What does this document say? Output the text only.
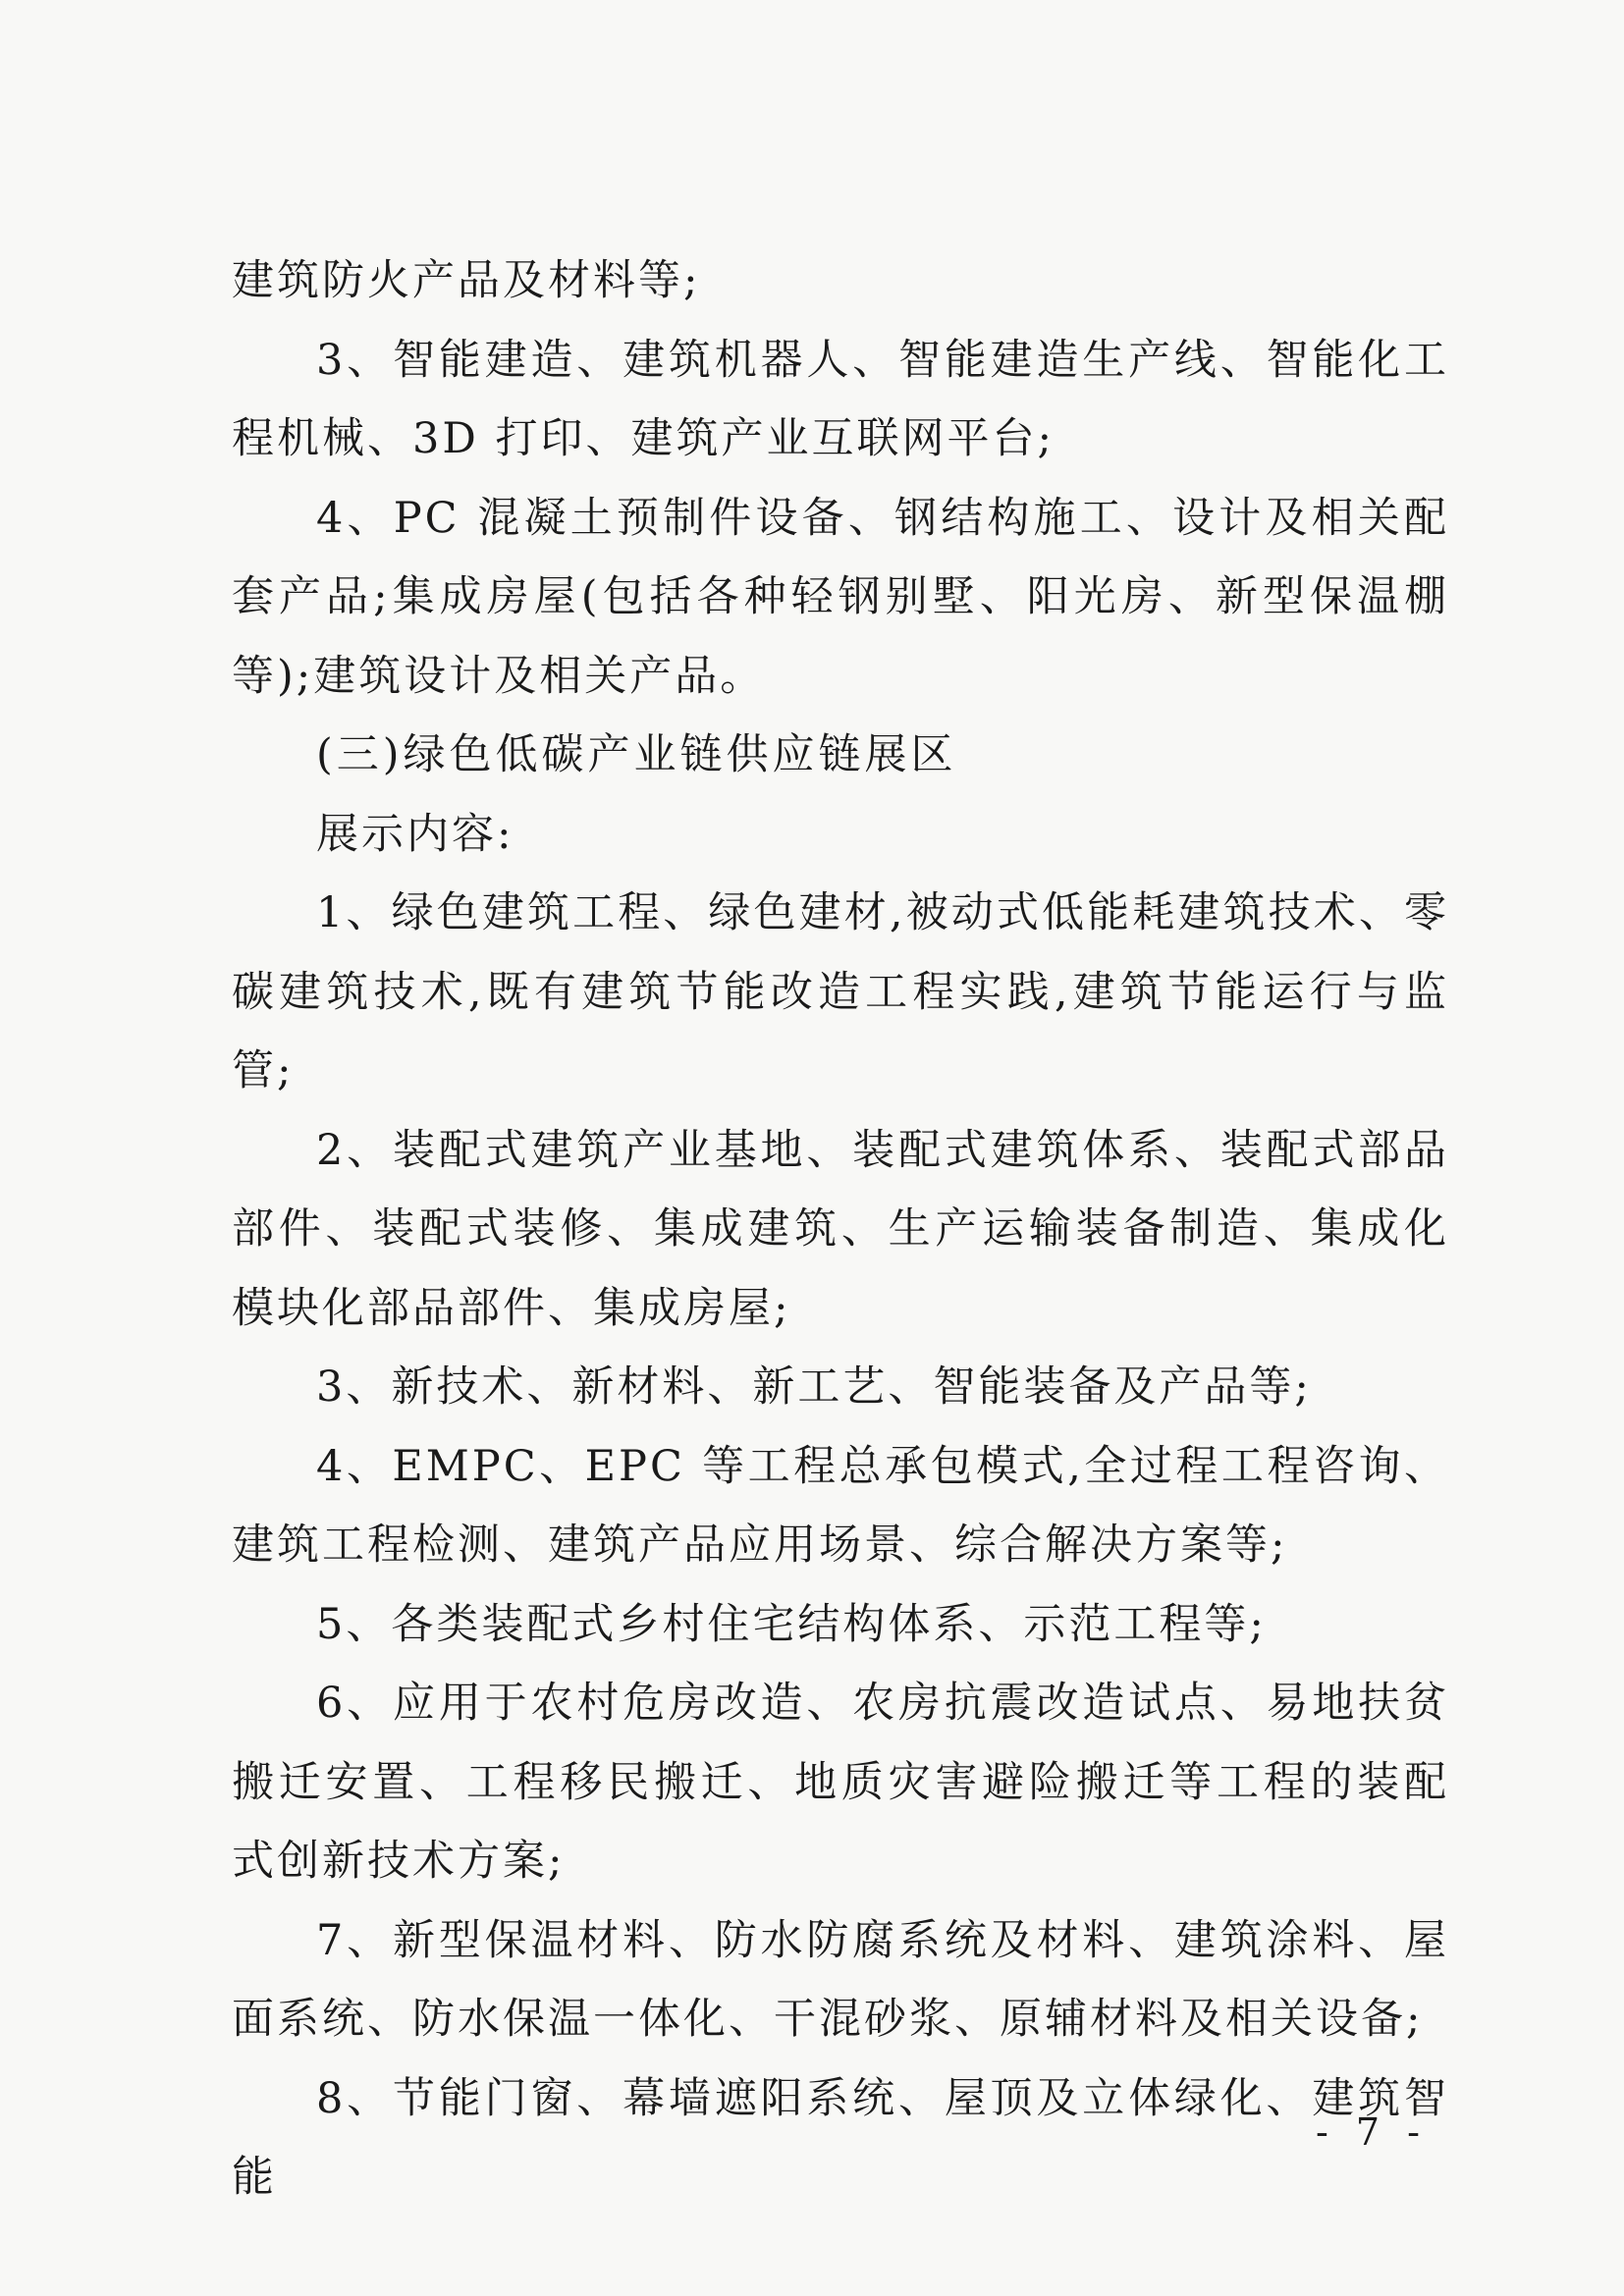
建筑防火产品及材料等;

3、智能建造、建筑机器人、智能建造生产线、智能化工程机械、3D 打印、建筑产业互联网平台;

4、PC 混凝土预制件设备、钢结构施工、设计及相关配套产品;集成房屋(包括各种轻钢别墅、阳光房、新型保温棚等);建筑设计及相关产品。

(三)绿色低碳产业链供应链展区

展示内容:

1、绿色建筑工程、绿色建材,被动式低能耗建筑技术、零碳建筑技术,既有建筑节能改造工程实践,建筑节能运行与监管;

2、装配式建筑产业基地、装配式建筑体系、装配式部品部件、装配式装修、集成建筑、生产运输装备制造、集成化模块化部品部件、集成房屋;

3、新技术、新材料、新工艺、智能装备及产品等;

4、EMPC、EPC 等工程总承包模式,全过程工程咨询、建筑工程检测、建筑产品应用场景、综合解决方案等;

5、各类装配式乡村住宅结构体系、示范工程等;

6、应用于农村危房改造、农房抗震改造试点、易地扶贫搬迁安置、工程移民搬迁、地质灾害避险搬迁等工程的装配式创新技术方案;

7、新型保温材料、防水防腐系统及材料、建筑涂料、屋面系统、防水保温一体化、干混砂浆、原辅材料及相关设备;

8、节能门窗、幕墙遮阳系统、屋顶及立体绿化、建筑智能

- 7 -
